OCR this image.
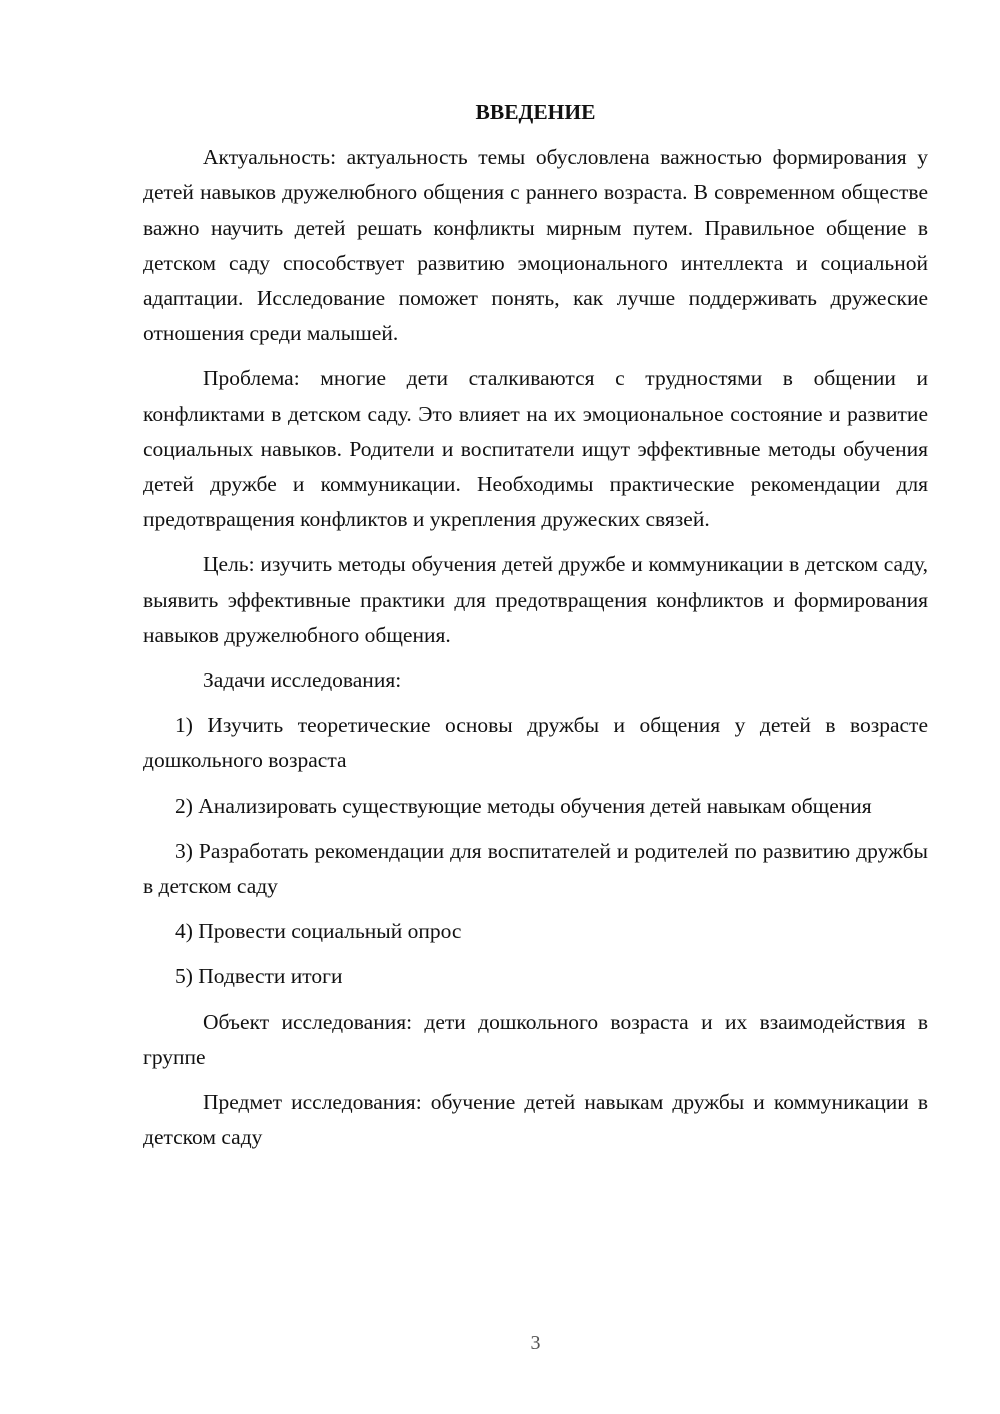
ВВЕДЕНИЕ

Актуальность: актуальность темы обусловлена важностью формирования у детей навыков дружелюбного общения с раннего возраста. В современном обществе важно научить детей решать конфликты мирным путем. Правильное общение в детском саду способствует развитию эмоционального интеллекта и социальной адаптации. Исследование поможет понять, как лучше поддерживать дружеские отношения среди малышей.

Проблема: многие дети сталкиваются с трудностями в общении и конфликтами в детском саду. Это влияет на их эмоциональное состояние и развитие социальных навыков. Родители и воспитатели ищут эффективные методы обучения детей дружбе и коммуникации. Необходимы практические рекомендации для предотвращения конфликтов и укрепления дружеских связей.

Цель: изучить методы обучения детей дружбе и коммуникации в детском саду, выявить эффективные практики для предотвращения конфликтов и формирования навыков дружелюбного общения.

Задачи исследования:

1) Изучить теоретические основы дружбы и общения у детей в возрасте дошкольного возраста

2) Анализировать существующие методы обучения детей навыкам общения

3) Разработать рекомендации для воспитателей и родителей по развитию дружбы в детском саду

4) Провести социальный опрос

5) Подвести итоги

Объект исследования: дети дошкольного возраста и их взаимодействия в группе

Предмет исследования: обучение детей навыкам дружбы и коммуникации в детском саду

3
